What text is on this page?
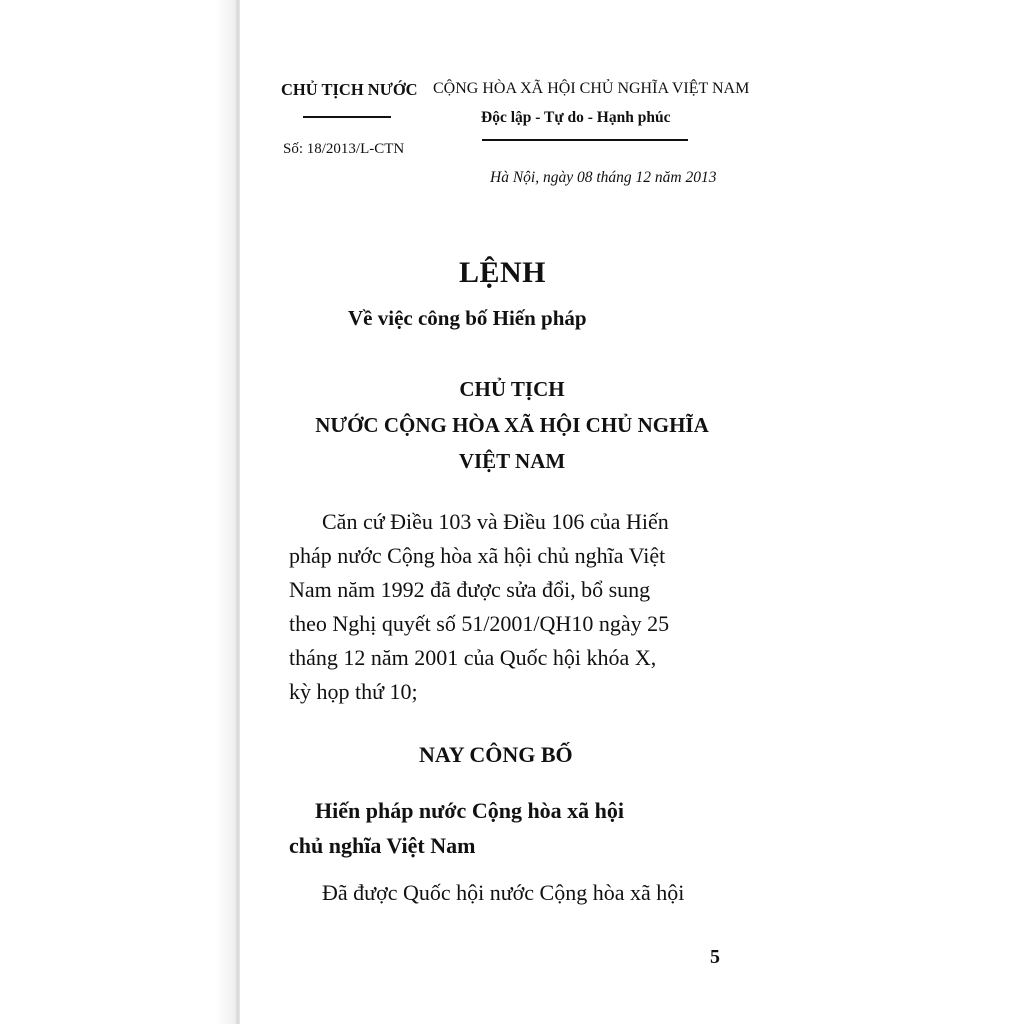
CHỦ TỊCH NƯỚC
Số: 18/2013/L-CTN
CỘNG HÒA XÃ HỘI CHỦ NGHĨA VIỆT NAM
Độc lập - Tự do - Hạnh phúc
Hà Nội, ngày 08 tháng 12 năm 2013
LỆNH
Về việc công bố Hiến pháp
CHỦ TỊCH
NƯỚC CỘNG HÒA XÃ HỘI CHỦ NGHĨA
VIỆT NAM
Căn cứ Điều 103 và Điều 106 của Hiến
pháp nước Cộng hòa xã hội chủ nghĩa Việt
Nam năm 1992 đã được sửa đổi, bổ sung
theo Nghị quyết số 51/2001/QH10 ngày 25
tháng 12 năm 2001 của Quốc hội khóa X,
kỳ họp thứ 10;
NAY CÔNG BỐ
Hiến pháp nước Cộng hòa xã hội
chủ nghĩa Việt Nam
Đã được Quốc hội nước Cộng hòa xã hội
5
